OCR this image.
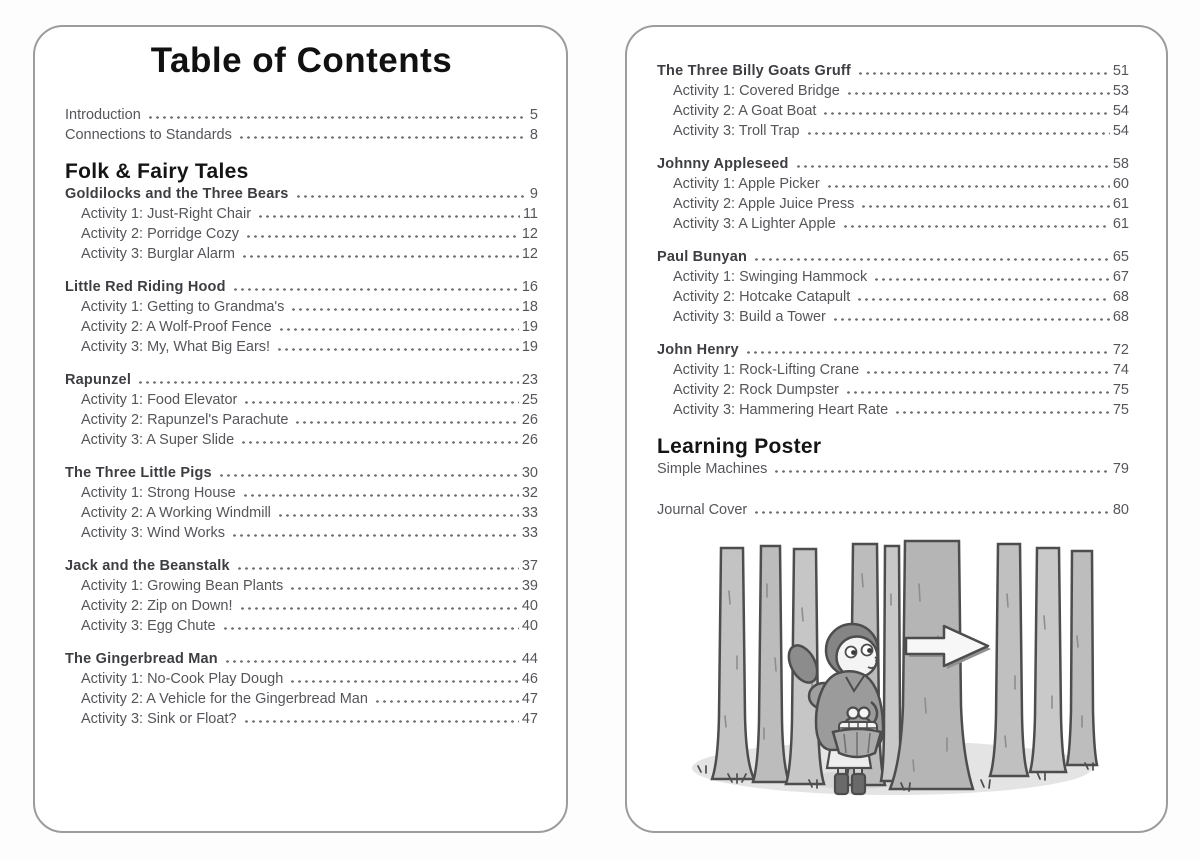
Table of Contents
Introduction	5
Connections to Standards	8
Folk & Fairy Tales
Goldilocks and the Three Bears	9
Activity 1: Just-Right Chair	11
Activity 2: Porridge Cozy	12
Activity 3: Burglar Alarm	12
Little Red Riding Hood	16
Activity 1: Getting to Grandma's	18
Activity 2: A Wolf-Proof Fence	19
Activity 3: My, What Big Ears!	19
Rapunzel	23
Activity 1: Food Elevator	25
Activity 2: Rapunzel's Parachute	26
Activity 3: A Super Slide	26
The Three Little Pigs	30
Activity 1: Strong House	32
Activity 2: A Working Windmill	33
Activity 3: Wind Works	33
Jack and the Beanstalk	37
Activity 1: Growing Bean Plants	39
Activity 2: Zip on Down!	40
Activity 3: Egg Chute	40
The Gingerbread Man	44
Activity 1: No-Cook Play Dough	46
Activity 2: A Vehicle for the Gingerbread Man	47
Activity 3: Sink or Float?	47
The Three Billy Goats Gruff	51
Activity 1: Covered Bridge	53
Activity 2: A Goat Boat	54
Activity 3: Troll Trap	54
Johnny Appleseed	58
Activity 1: Apple Picker	60
Activity 2: Apple Juice Press	61
Activity 3: A Lighter Apple	61
Paul Bunyan	65
Activity 1: Swinging Hammock	67
Activity 2: Hotcake Catapult	68
Activity 3: Build a Tower	68
John Henry	72
Activity 1: Rock-Lifting Crane	74
Activity 2: Rock Dumpster	75
Activity 3: Hammering Heart Rate	75
Learning Poster
Simple Machines	79
Journal Cover	80
